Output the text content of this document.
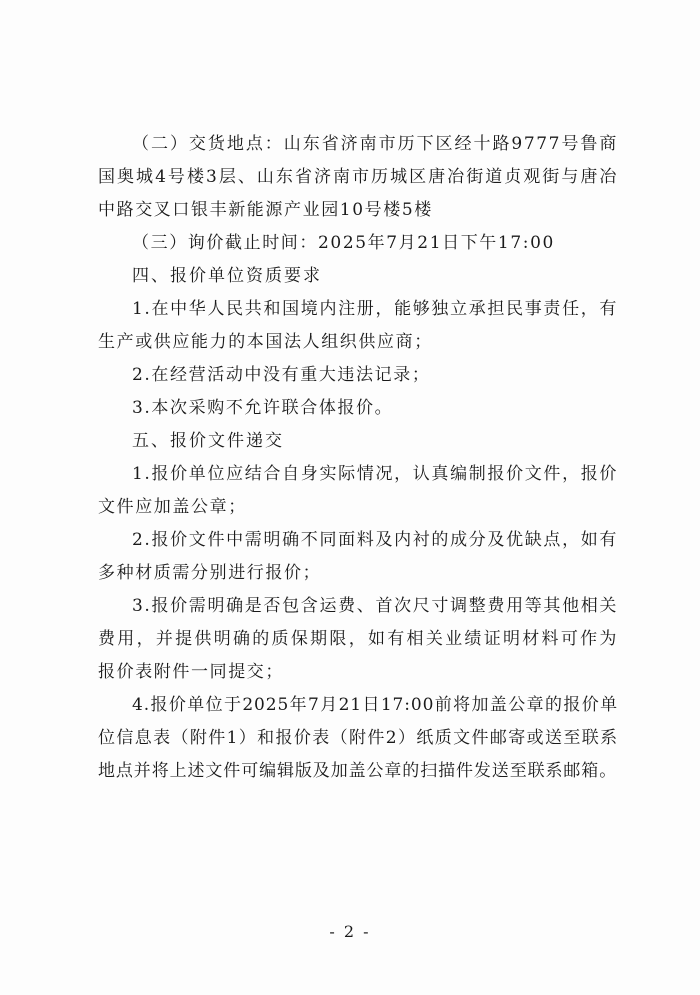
（二）交货地点：山东省济南市历下区经十路9777号鲁商国奥城4号楼3层、山东省济南市历城区唐冶街道贞观街与唐冶中路交叉口银丰新能源产业园10号楼5楼

（三）询价截止时间：2025年7月21日下午17:00

四、报价单位资质要求

1.在中华人民共和国境内注册，能够独立承担民事责任，有生产或供应能力的本国法人组织供应商；

2.在经营活动中没有重大违法记录；

3.本次采购不允许联合体报价。

五、报价文件递交

1.报价单位应结合自身实际情况，认真编制报价文件，报价文件应加盖公章；

2.报价文件中需明确不同面料及内衬的成分及优缺点，如有多种材质需分别进行报价；

3.报价需明确是否包含运费、首次尺寸调整费用等其他相关费用，并提供明确的质保期限，如有相关业绩证明材料可作为报价表附件一同提交；

4.报价单位于2025年7月21日17:00前将加盖公章的报价单位信息表（附件1）和报价表（附件2）纸质文件邮寄或送至联系地点并将上述文件可编辑版及加盖公章的扫描件发送至联系邮箱。

- 2 -
